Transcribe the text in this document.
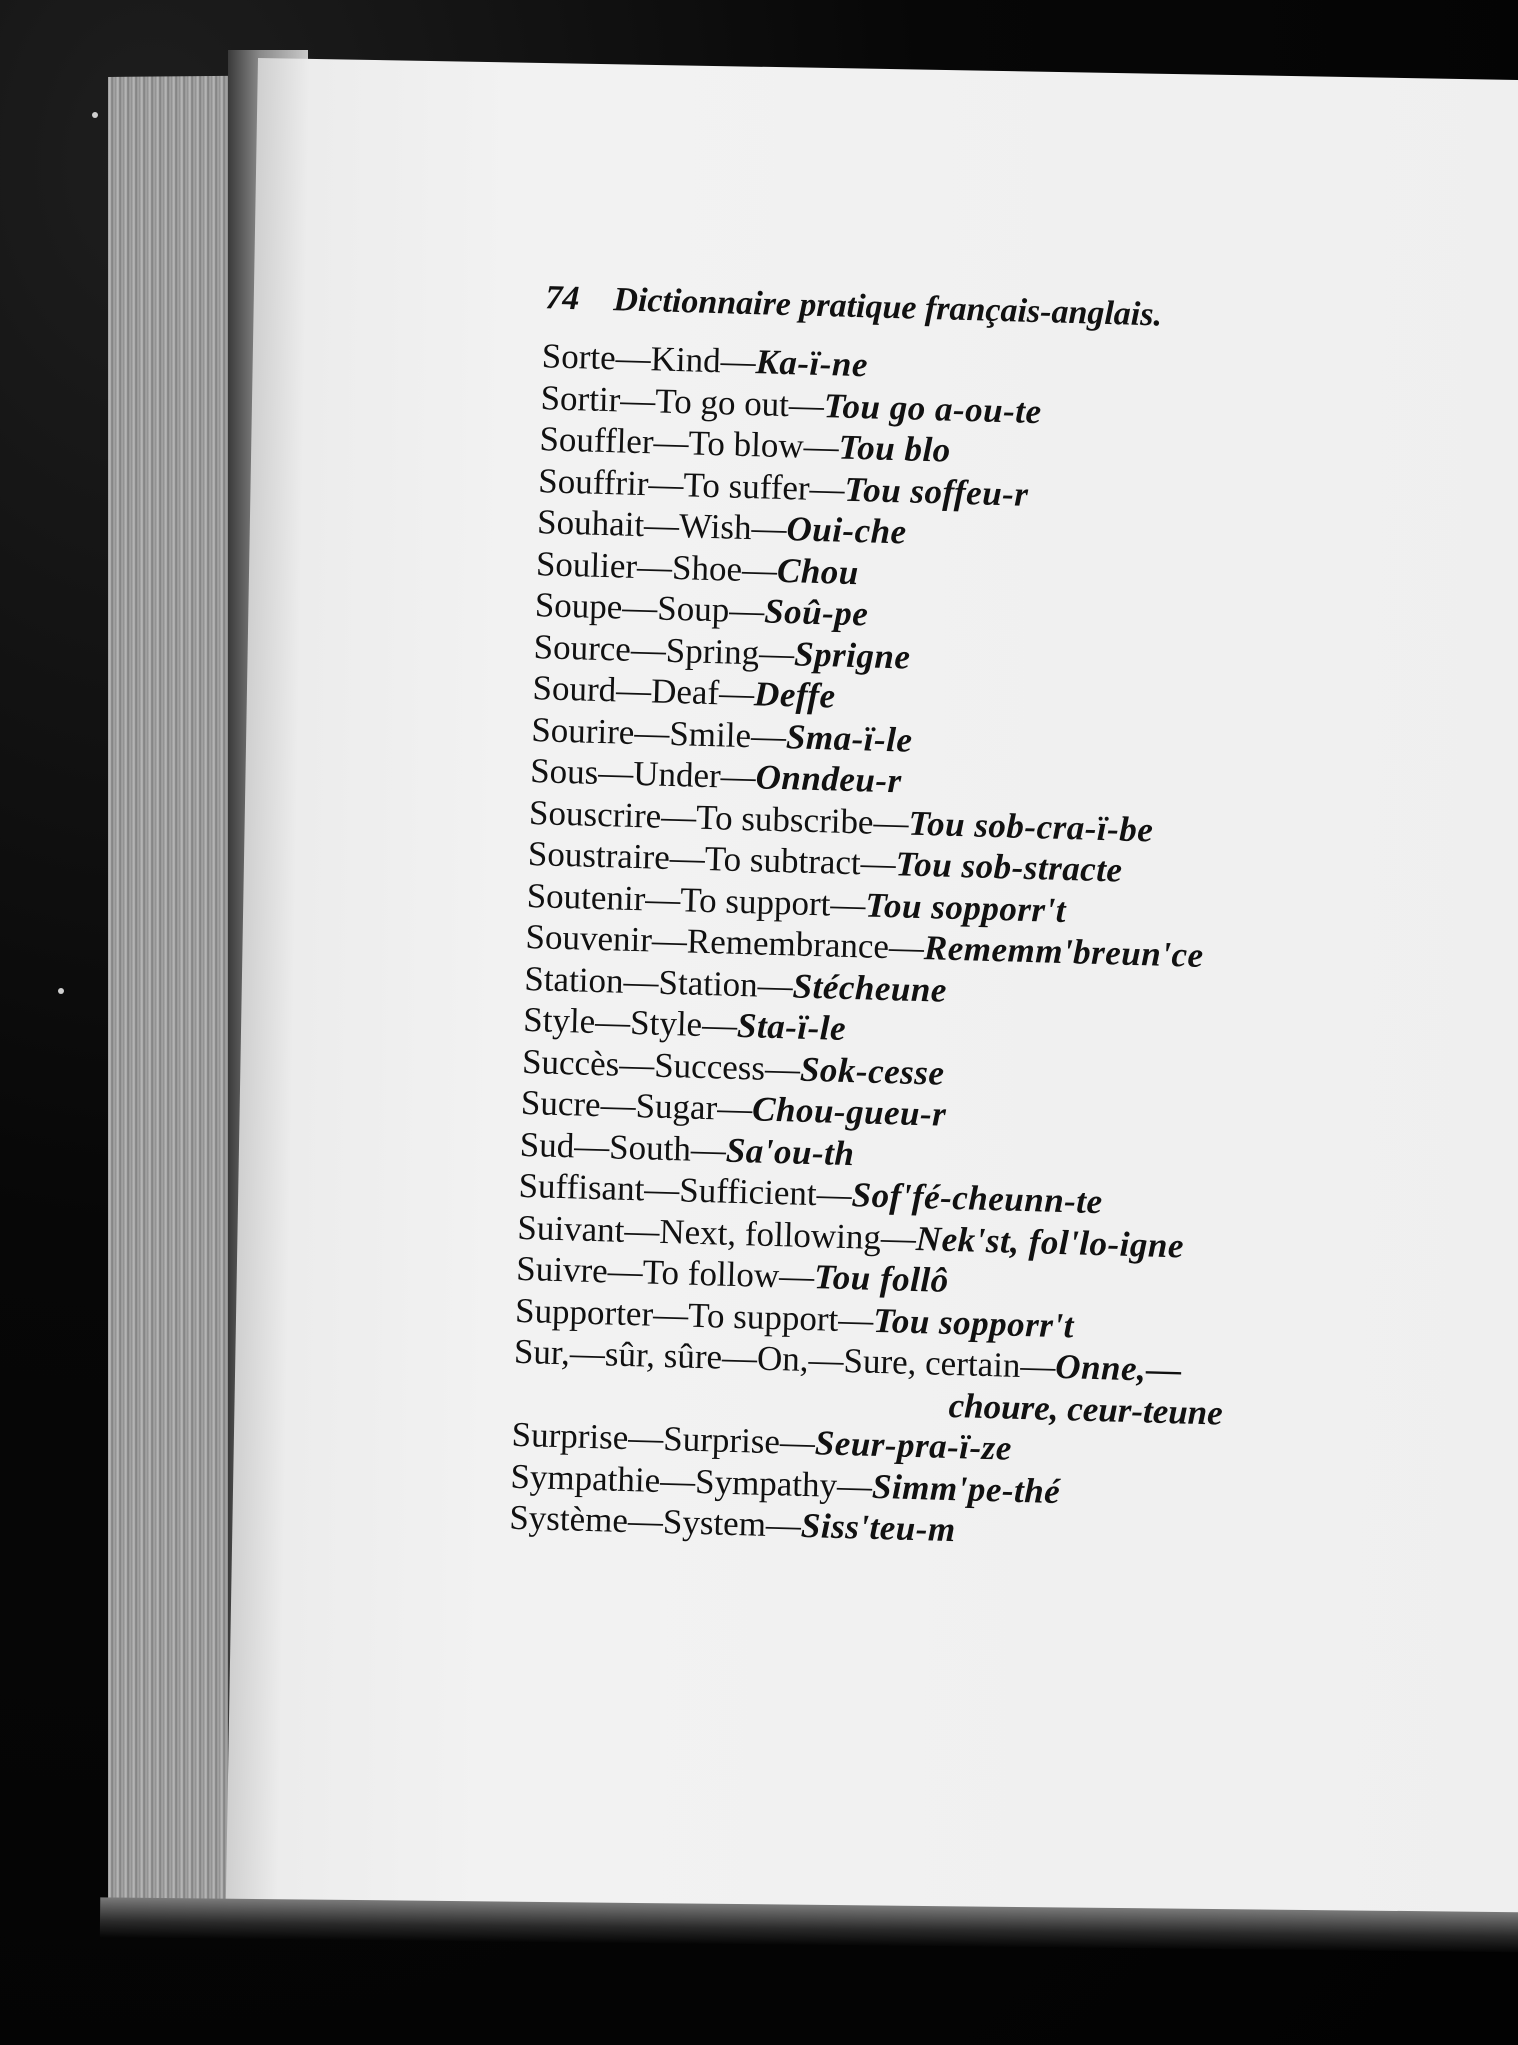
74 Dictionnaire pratique français-anglais.
Sorte—Kind—Ka-ï-ne
Sortir—To go out—Tou go a-ou-te
Souffler—To blow—Tou blo
Souffrir—To suffer—Tou soffeu-r
Souhait—Wish—Oui-che
Soulier—Shoe—Chou
Soupe—Soup—Soû-pe
Source—Spring—Sprigne
Sourd—Deaf—Deffe
Sourire—Smile—Sma-ï-le
Sous—Under—Onndeu-r
Souscrire—To subscribe—Tou sob-cra-ï-be
Soustraire—To subtract—Tou sob-stracte
Soutenir—To support—Tou sopporr't
Souvenir—Remembrance—Rememm'breun'ce
Station—Station—Stécheune
Style—Style—Sta-ï-le
Succès—Success—Sok-cesse
Sucre—Sugar—Chou-gueu-r
Sud—South—Sa'ou-th
Suffisant—Sufficient—Sof'fé-cheunn-te
Suivant—Next, following—Nek'st, fol'lo-igne
Suivre—To follow—Tou follô
Supporter—To support—Tou sopporr't
Sur,—sûr, sûre—On,—Sure, certain—Onne,—
choure, ceur-teune
Surprise—Surprise—Seur-pra-ï-ze
Sympathie—Sympathy—Simm'pe-thé
Système—System—Siss'teu-m
